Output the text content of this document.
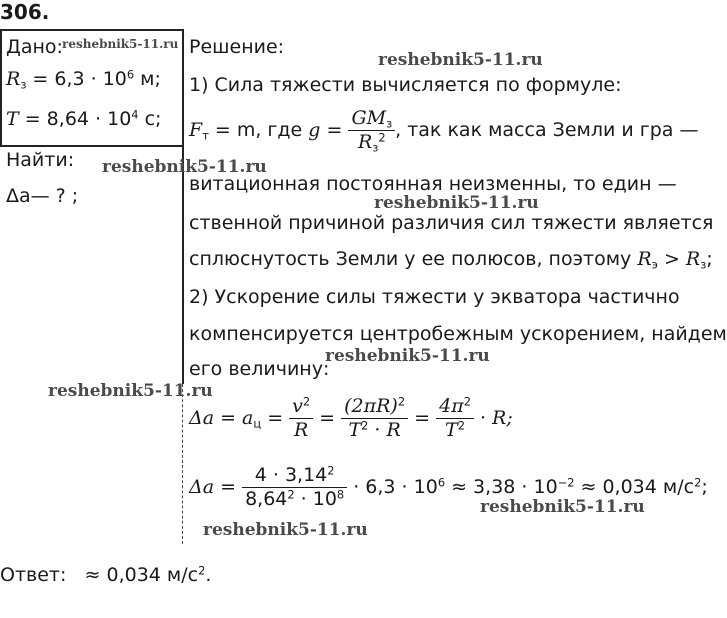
306.
Дано:
$R_з = 6,3 \cdot 10^6$ м;
$T = 8,64 \cdot 10^4$ с;
Найти:
Δa— ? ;
Решение:
1) Сила тяжести вычисляется по формуле:
$F_т = m$, где $g = \frac{GM_з}{R_з^2}$ , так как масса Земли и гра —
витационная постоянная неизменны, то един —
ственной причиной различия сил тяжести является
сплюснутость Земли у ее полюсов, поэтому $R_э > R_з$;
2) Ускорение силы тяжести у экватора частично
компенсируется центробежным ускорением, найдем
его величину:
$\Delta a = a_ц = \frac{v^2}{R} = \frac{(2\pi R)^2}{T^2 \cdot R} = \frac{4\pi^2}{T^2} \cdot R$;
$\Delta a = \frac{4 \cdot 3,14^2}{8,64^2 \cdot 10^8} \cdot 6,3 \cdot 10^6 \approx 3,38 \cdot 10^{-2} \approx 0,034$ $м/с^2$;
Ответ: ≈ 0,034 $м/с^2$.
reshebnik5-11.ru
reshebnik5-11.ru
reshebnik5-11.ru
reshebnik5-11.ru
reshebnik5-11.ru
reshebnik5-11.ru
reshebnik5-11.ru
reshebnik5-11.ru
